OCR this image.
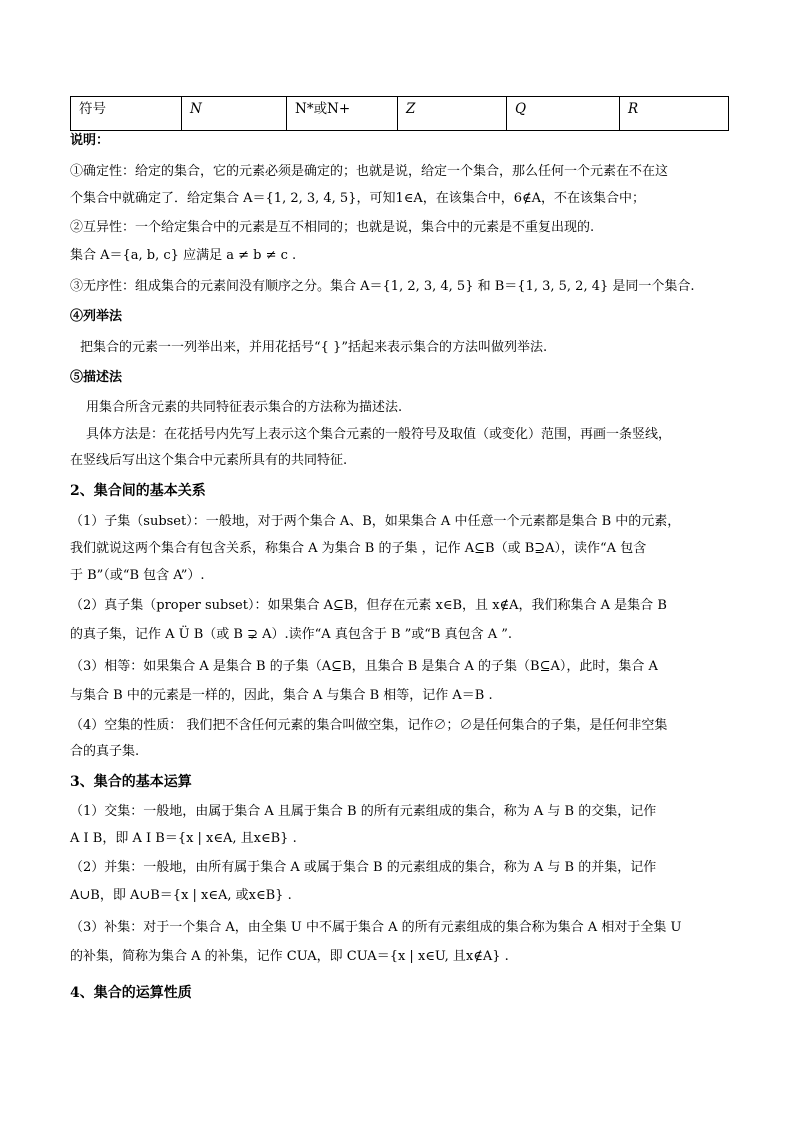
符号	N	N*或N+	Z	Q	R
说明：
①确定性：给定的集合，它的元素必须是确定的；也就是说，给定一个集合，那么任何一个元素在不在这
个集合中就确定了．给定集合 A＝{1, 2, 3, 4, 5}，可知1∈A，在该集合中，6∉A，不在该集合中；
②互异性：一个给定集合中的元素是互不相同的；也就是说，集合中的元素是不重复出现的.
集合 A＝{a, b, c} 应满足 a ≠ b ≠ c .
③无序性：组成集合的元素间没有顺序之分。集合 A＝{1, 2, 3, 4, 5} 和 B＝{1, 3, 5, 2, 4} 是同一个集合.
④列举法
把集合的元素一一列举出来，并用花括号“{ }”括起来表示集合的方法叫做列举法.
⑤描述法
用集合所含元素的共同特征表示集合的方法称为描述法.
具体方法是：在花括号内先写上表示这个集合元素的一般符号及取值（或变化）范围，再画一条竖线，
在竖线后写出这个集合中元素所具有的共同特征.
2、集合间的基本关系
（1）子集（subset）：一般地，对于两个集合 A、B，如果集合 A 中任意一个元素都是集合 B 中的元素，
我们就说这两个集合有包含关系，称集合 A 为集合 B 的子集 ，记作 A⊆B（或 B⊇A），读作“A 包含
于 B”（或“B 包含 A”）.
（2）真子集（proper subset）：如果集合 A⊆B，但存在元素 x∈B，且 x∉A，我们称集合 A 是集合 B
的真子集，记作 A Ü B（或 B ⊋ A）.读作“A 真包含于 B ”或“B 真包含 A ”.
（3）相等：如果集合 A 是集合 B 的子集（A⊆B，且集合 B 是集合 A 的子集（B⊆A），此时，集合 A
与集合 B 中的元素是一样的，因此，集合 A 与集合 B 相等，记作 A＝B .
（4）空集的性质： 我们把不含任何元素的集合叫做空集，记作∅；∅是任何集合的子集，是任何非空集
合的真子集.
3、集合的基本运算
（1）交集：一般地，由属于集合 A 且属于集合 B 的所有元素组成的集合，称为 A 与 B 的交集，记作
A I B，即 A I B＝{x | x∈A, 且x∈B} .
（2）并集：一般地，由所有属于集合 A 或属于集合 B 的元素组成的集合，称为 A 与 B 的并集，记作
A∪B，即 A∪B＝{x | x∈A, 或x∈B} .
（3）补集：对于一个集合 A，由全集 U 中不属于集合 A 的所有元素组成的集合称为集合 A 相对于全集 U
的补集，简称为集合 A 的补集，记作 CUA，即 CUA＝{x | x∈U, 且x∉A} .
4、集合的运算性质
